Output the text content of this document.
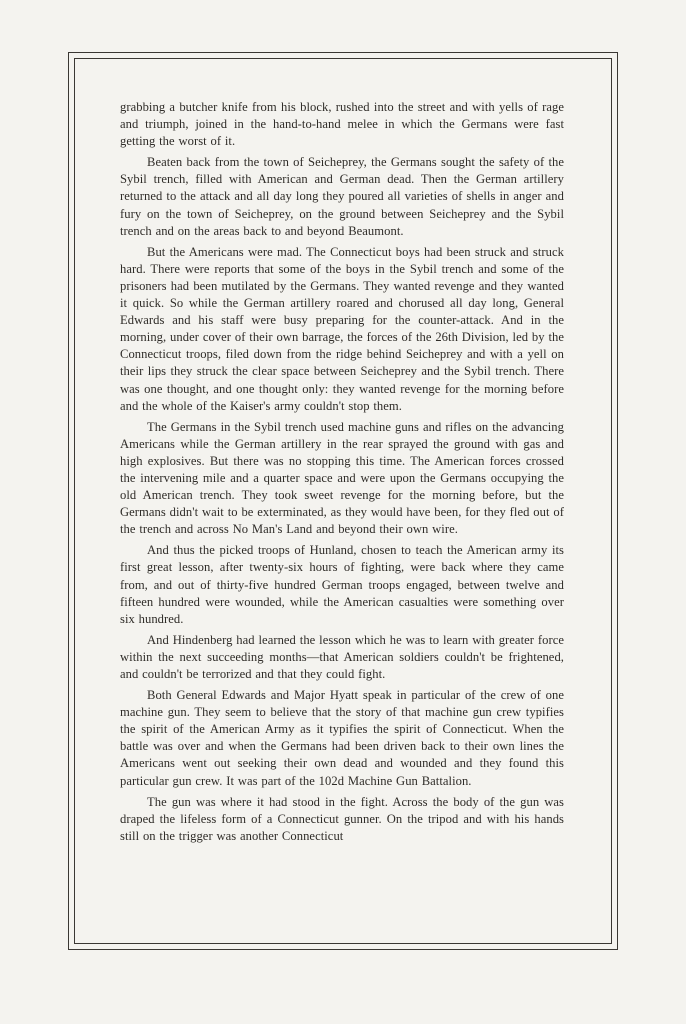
grabbing a butcher knife from his block, rushed into the street and with yells of rage and triumph, joined in the hand-to-hand melee in which the Germans were fast getting the worst of it.

Beaten back from the town of Seicheprey, the Germans sought the safety of the Sybil trench, filled with American and German dead. Then the German artillery returned to the attack and all day long they poured all varieties of shells in anger and fury on the town of Seicheprey, on the ground between Seicheprey and the Sybil trench and on the areas back to and beyond Beaumont.

But the Americans were mad. The Connecticut boys had been struck and struck hard. There were reports that some of the boys in the Sybil trench and some of the prisoners had been mutilated by the Germans. They wanted revenge and they wanted it quick. So while the German artillery roared and chorused all day long, General Edwards and his staff were busy preparing for the counter-attack. And in the morning, under cover of their own barrage, the forces of the 26th Division, led by the Connecticut troops, filed down from the ridge behind Seicheprey and with a yell on their lips they struck the clear space between Seicheprey and the Sybil trench. There was one thought, and one thought only: they wanted revenge for the morning before and the whole of the Kaiser's army couldn't stop them.

The Germans in the Sybil trench used machine guns and rifles on the advancing Americans while the German artillery in the rear sprayed the ground with gas and high explosives. But there was no stopping this time. The American forces crossed the intervening mile and a quarter space and were upon the Germans occupying the old American trench. They took sweet revenge for the morning before, but the Germans didn't wait to be exterminated, as they would have been, for they fled out of the trench and across No Man's Land and beyond their own wire.

And thus the picked troops of Hunland, chosen to teach the American army its first great lesson, after twenty-six hours of fighting, were back where they came from, and out of thirty-five hundred German troops engaged, between twelve and fifteen hundred were wounded, while the American casualties were something over six hundred.

And Hindenberg had learned the lesson which he was to learn with greater force within the next succeeding months—that American soldiers couldn't be frightened, and couldn't be terrorized and that they could fight.

Both General Edwards and Major Hyatt speak in particular of the crew of one machine gun. They seem to believe that the story of that machine gun crew typifies the spirit of the American Army as it typifies the spirit of Connecticut. When the battle was over and when the Germans had been driven back to their own lines the Americans went out seeking their own dead and wounded and they found this particular gun crew. It was part of the 102d Machine Gun Battalion.

The gun was where it had stood in the fight. Across the body of the gun was draped the lifeless form of a Connecticut gunner. On the tripod and with his hands still on the trigger was another Connecticut
